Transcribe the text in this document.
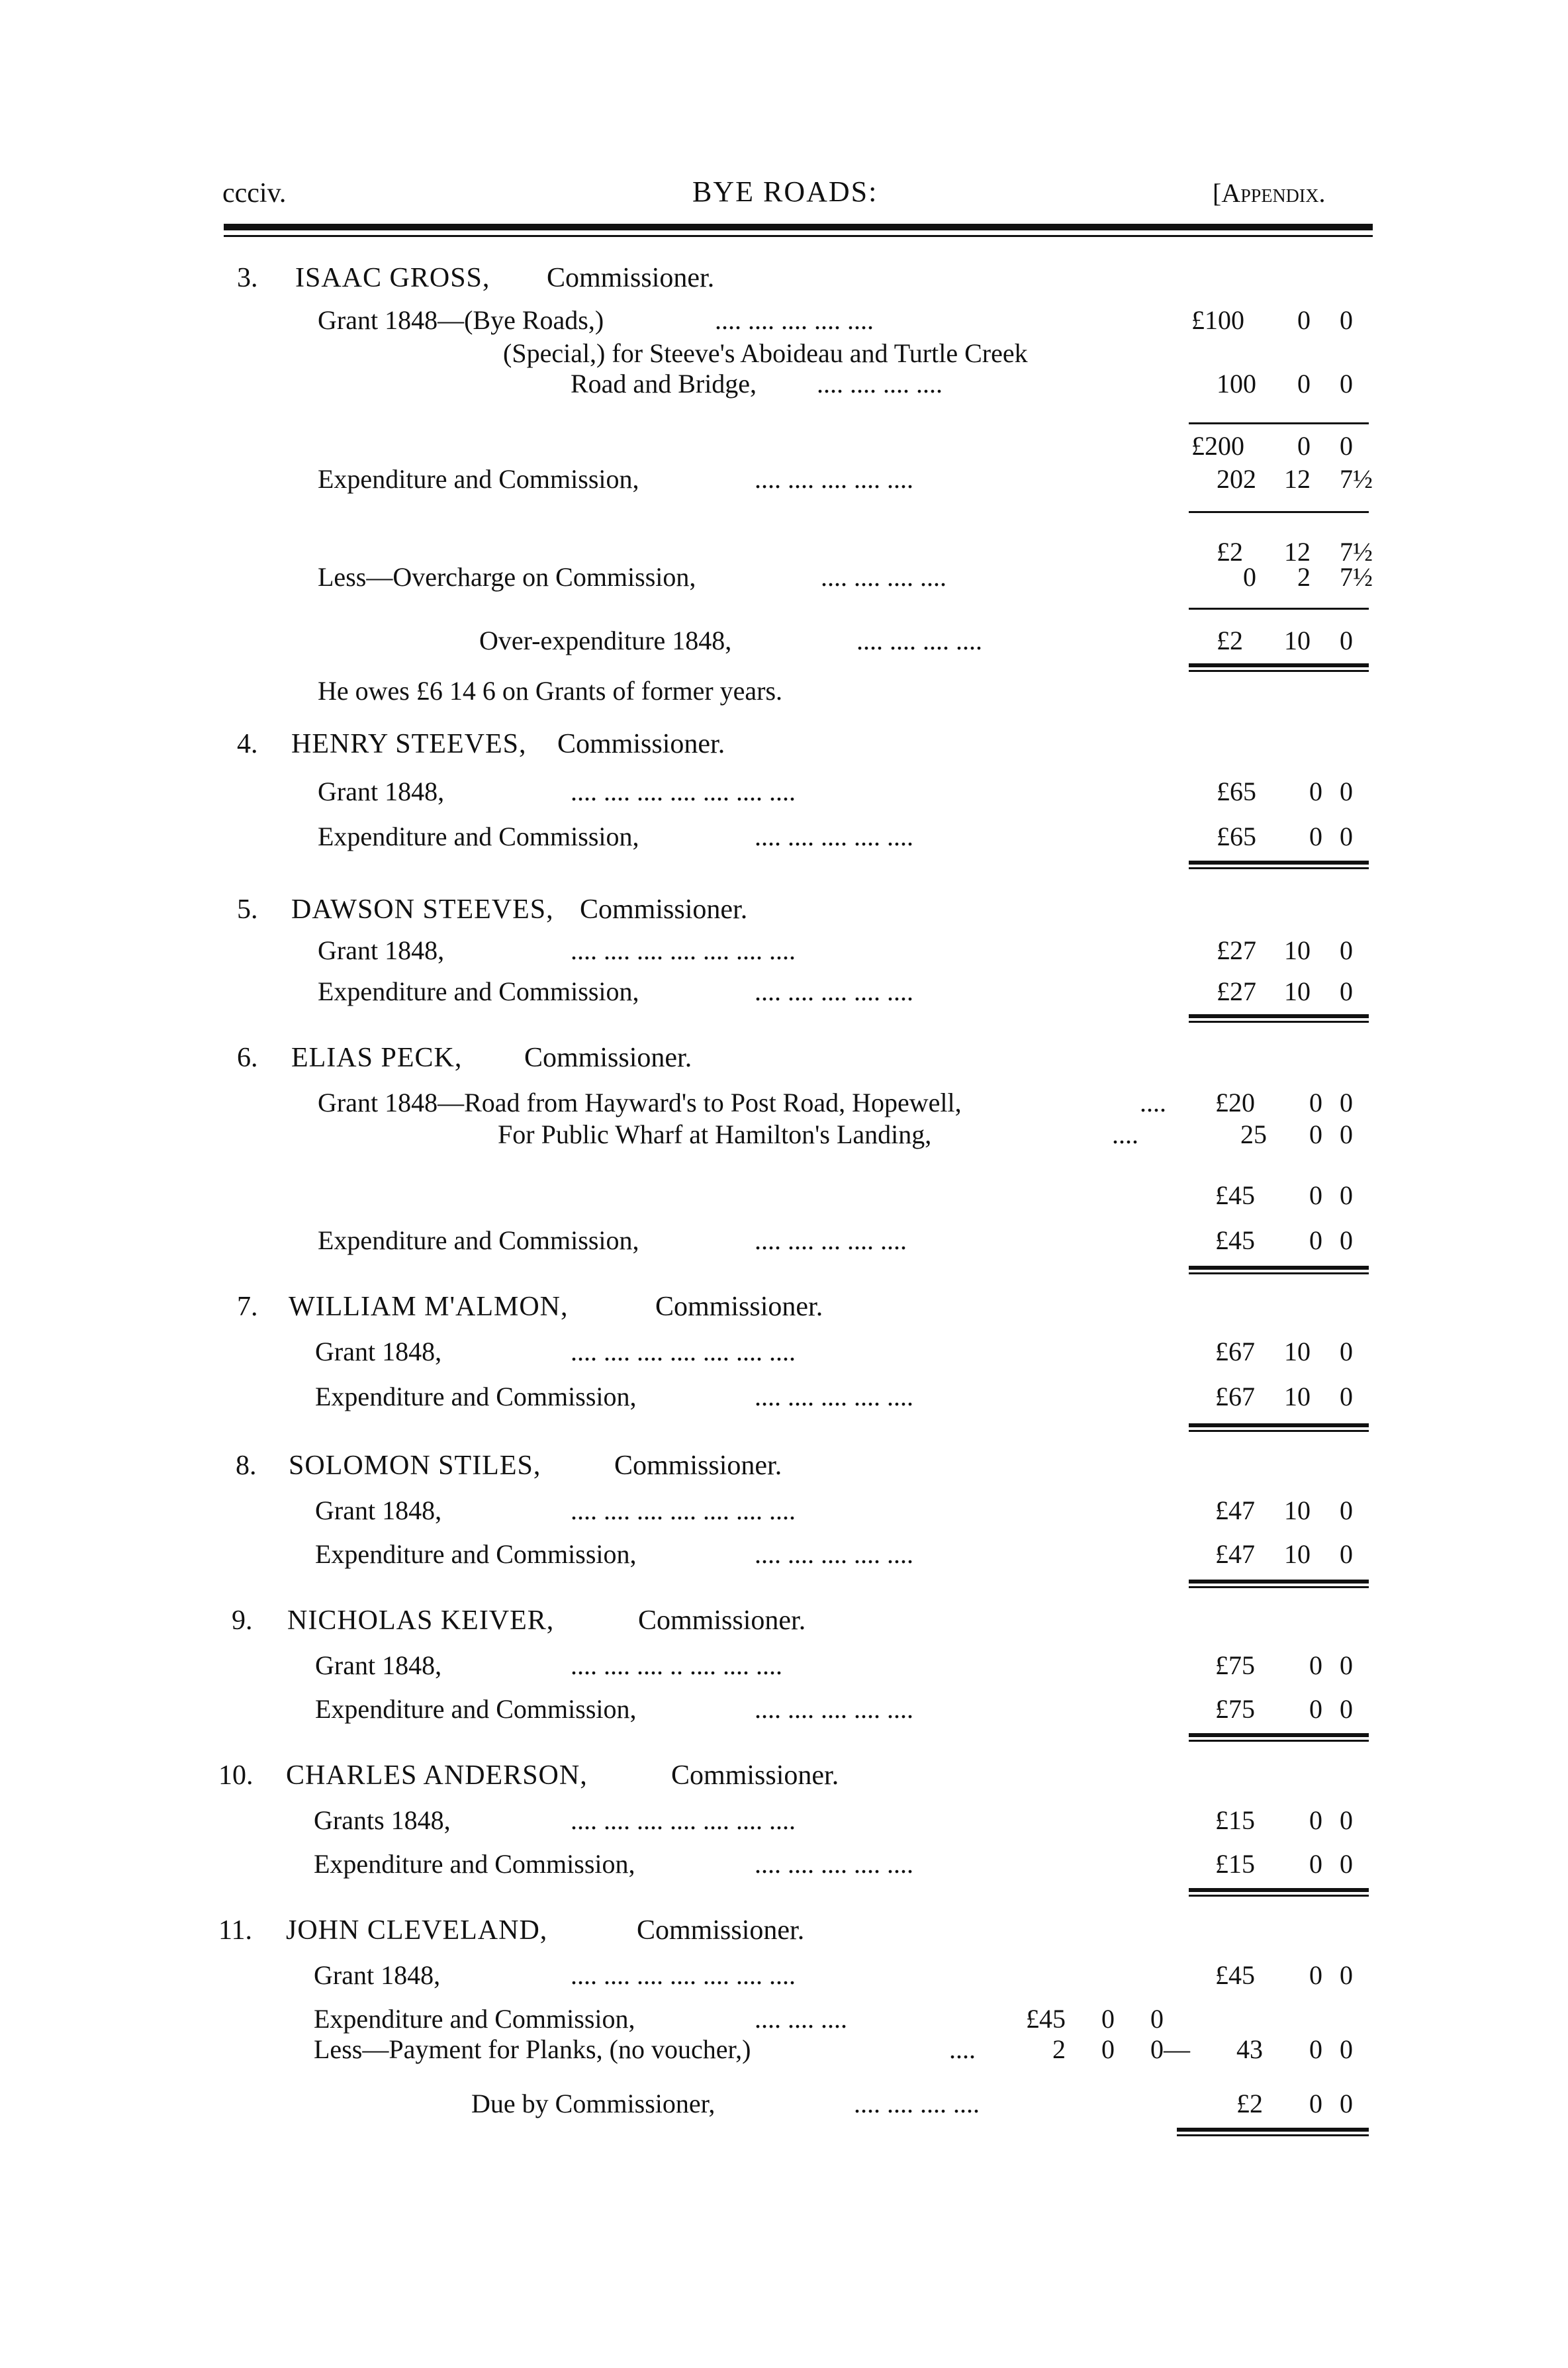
ccciv.	BYE ROADS:	[Appendix.
3. ISAAC GROSS, Commissioner.
Grant 1848—(Bye Roads,)	.... .... .... .... ....	£100 0 0
(Special,) for Steeve's Aboideau and Turtle Creek
Road and Bridge, .... .... .... ....	100 0 0
£200 0 0
Expenditure and Commission,	.... .... .... .... ....	202 12 7½
£2 12 7½
Less—Overcharge on Commission,	.... .... .... ....	0 2 7½
Over-expenditure 1848,	.... .... .... ....	£2 10 0
He owes £6 14 6 on Grants of former years.
4. HENRY STEEVES, Commissioner.
Grant 1848,	.... .... .... .... .... .... ....	£65 0 0
Expenditure and Commission,	.... .... .... .... ....	£65 0 0
5. DAWSON STEEVES, Commissioner.
Grant 1848,	.... .... .... .... .... .... ....	£27 10 0
Expenditure and Commission,	.... .... .... .... ....	£27 10 0
6. ELIAS PECK, Commissioner.
Grant 1848—Road from Hayward's to Post Road, Hopewell,	.... £20 0 0
For Public Wharf at Hamilton's Landing,	....	25 0 0
£45 0 0
Expenditure and Commission,	.... .... ... .... ....	£45 0 0
7. WILLIAM M'ALMON,	Commissioner.
Grant 1848,	.... .... .... .... .... .... ....	£67 10 0
Expenditure and Commission,	.... .... .... .... ....	£67 10 0
8. SOLOMON STILES,	Commissioner.
Grant 1848,	.... .... .... .... .... .... ....	£47 10 0
Expenditure and Commission,	.... .... .... .... ....	£47 10 0
9. NICHOLAS KEIVER,	Commissioner.
Grant 1848,	.... .... .... .. .... .... ....	£75 0 0
Expenditure and Commission,	.... .... .... .... ....	£75 0 0
10. CHARLES ANDERSON,	Commissioner.
Grants 1848,	.... .... .... .... .... .... ....	£15 0 0
Expenditure and Commission,	.... .... .... .... ....	£15 0 0
11. JOHN CLEVELAND,	Commissioner.
Grant 1848,	.... .... .... .... .... .... ....	£45 0 0
Expenditure and Commission,	.... .... ....	£45 0 0
Less—Payment for Planks, (no voucher,)	....	2 0 0— 43 0 0
Due by Commissioner,	.... .... .... ....	£2 0 0
